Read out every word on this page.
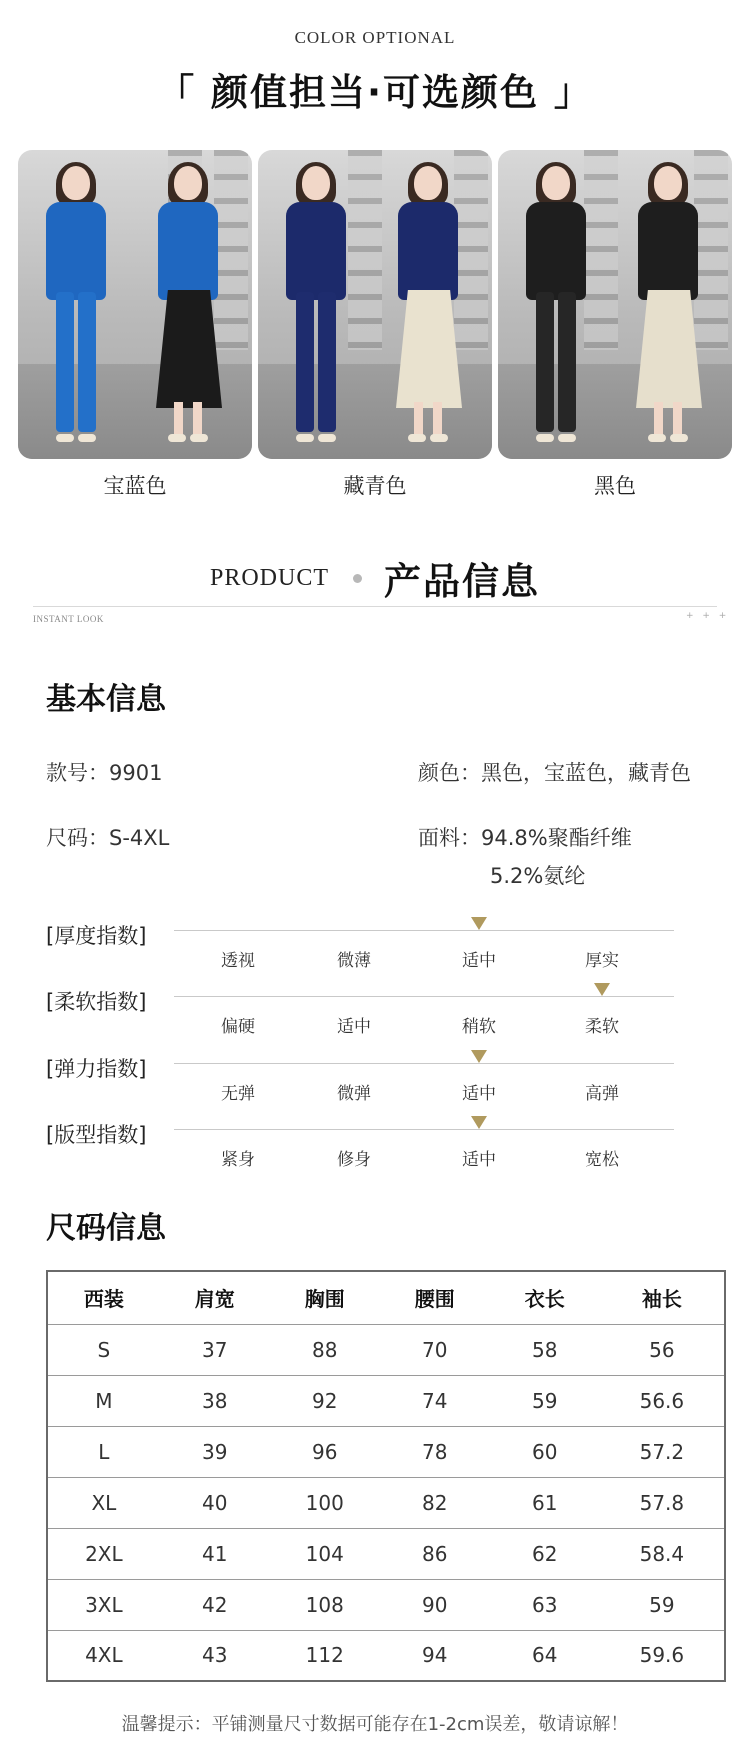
COLOR OPTIONAL
「 颜值担当·可选颜色 」
宝蓝色	藏青色	黑色
PRODUCT 产品信息
INSTANT LOOK	+ + +
基本信息
款号：9901	颜色：黑色，宝蓝色，藏青色
尺码：S-4XL	面料：94.8%聚酯纤维
5.2%氨纶
[厚度指数]
透视	微薄	适中	厚实
[柔软指数]
偏硬	适中	稍软	柔软
[弹力指数]
无弹	微弹	适中	高弹
[版型指数]
紧身	修身	适中	宽松
尺码信息
西装	肩宽	胸围	腰围	衣长	袖长
S	37	88	70	58	56
M	38	92	74	59	56.6
L	39	96	78	60	57.2
XL	40	100	82	61	57.8
2XL	41	104	86	62	58.4
3XL	42	108	90	63	59
4XL	43	112	94	64	59.6
温馨提示：平铺测量尺寸数据可能存在1-2cm误差，敬请谅解！
